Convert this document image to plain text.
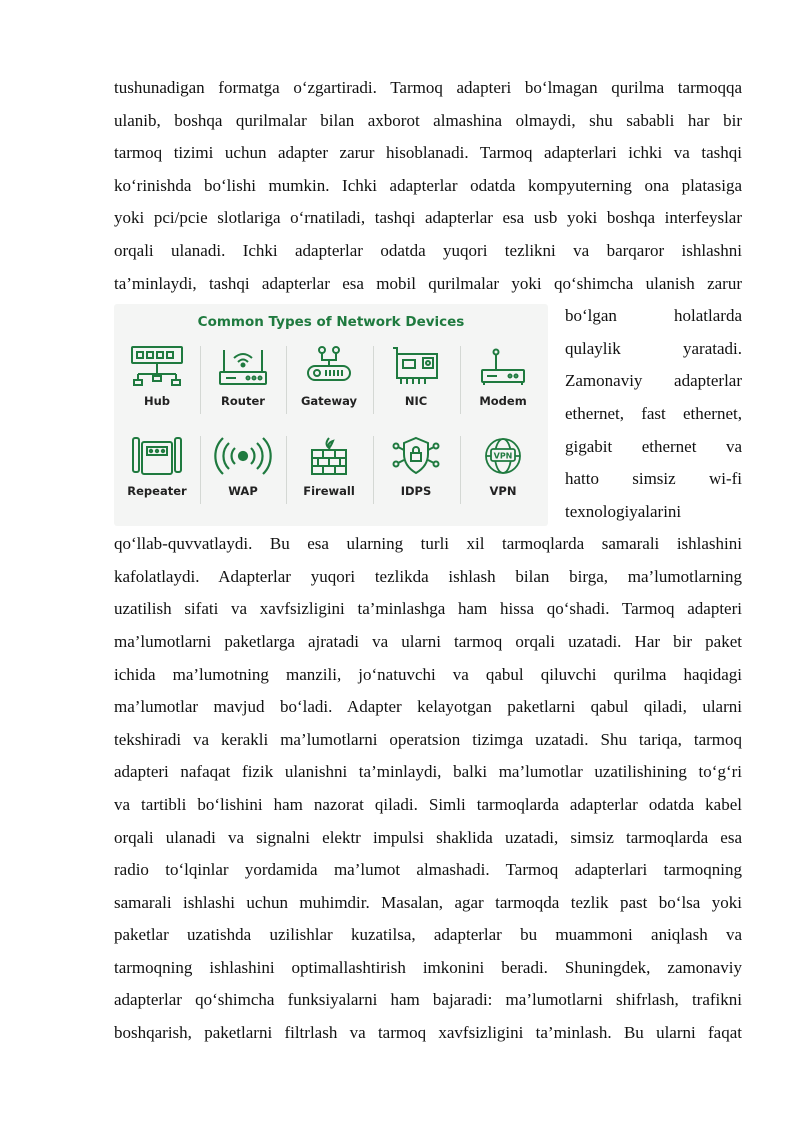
tushunadigan formatga o‘zgartiradi. Tarmoq adapteri bo‘lmagan qurilma tarmoqqa
ulanib, boshqa qurilmalar bilan axborot almashina olmaydi, shu sababli har bir
tarmoq tizimi uchun adapter zarur hisoblanadi. Tarmoq adapterlari ichki va tashqi
ko‘rinishda bo‘lishi mumkin. Ichki adapterlar odatda kompyuterning ona platasiga
yoki pci/pcie slotlariga o‘rnatiladi, tashqi adapterlar esa usb yoki boshqa interfeyslar
orqali ulanadi. Ichki adapterlar odatda yuqori tezlikni va barqaror ishlashni
ta’minlaydi, tashqi adapterlar esa mobil qurilmalar yoki qo‘shimcha ulanish zarur
Common Types of Network Devices
Hub	Router	Gateway	NIC	Modem
Repeater	WAP	Firewall	IDPS
VPN
VPN
bo‘lgan holatlarda
qulaylik yaratadi.
Zamonaviy adapterlar
ethernet, fast ethernet,
gigabit ethernet va
hatto simsiz wi-fi
texnologiyalarini
qo‘llab-quvvatlaydi. Bu esa ularning turli xil tarmoqlarda samarali ishlashini
kafolatlaydi. Adapterlar yuqori tezlikda ishlash bilan birga, ma’lumotlarning
uzatilish sifati va xavfsizligini ta’minlashga ham hissa qo‘shadi. Tarmoq adapteri
ma’lumotlarni paketlarga ajratadi va ularni tarmoq orqali uzatadi. Har bir paket
ichida ma’lumotning manzili, jo‘natuvchi va qabul qiluvchi qurilma haqidagi
ma’lumotlar mavjud bo‘ladi. Adapter kelayotgan paketlarni qabul qiladi, ularni
tekshiradi va kerakli ma’lumotlarni operatsion tizimga uzatadi. Shu tariqa, tarmoq
adapteri nafaqat fizik ulanishni ta’minlaydi, balki ma’lumotlar uzatilishining to‘g‘ri
va tartibli bo‘lishini ham nazorat qiladi. Simli tarmoqlarda adapterlar odatda kabel
orqali ulanadi va signalni elektr impulsi shaklida uzatadi, simsiz tarmoqlarda esa
radio to‘lqinlar yordamida ma’lumot almashadi. Tarmoq adapterlari tarmoqning
samarali ishlashi uchun muhimdir. Masalan, agar tarmoqda tezlik past bo‘lsa yoki
paketlar uzatishda uzilishlar kuzatilsa, adapterlar bu muammoni aniqlash va
tarmoqning ishlashini optimallashtirish imkonini beradi. Shuningdek, zamonaviy
adapterlar qo‘shimcha funksiyalarni ham bajaradi: ma’lumotlarni shifrlash, trafikni
boshqarish, paketlarni filtrlash va tarmoq xavfsizligini ta’minlash. Bu ularni faqat
